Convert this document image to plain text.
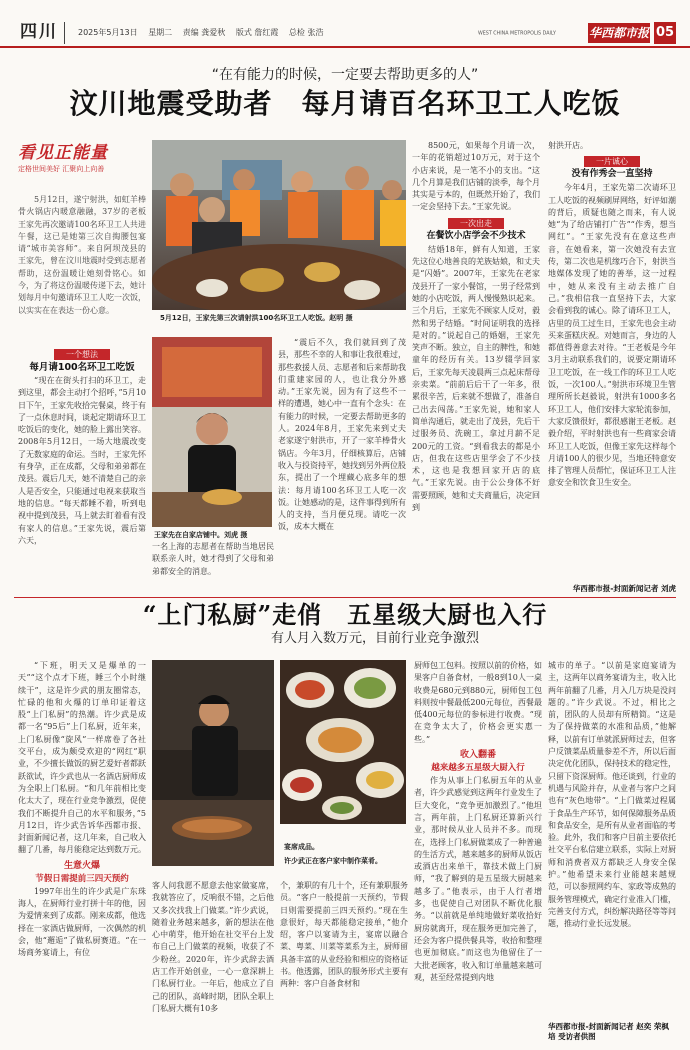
四川	2025年5月13日 星期二 责编 龚爱秋 版式 詹红霞 总检 张浩	WEST CHINA METROPOLIS DAILY	华西都市报 05
“在有能力的时候，一定要去帮助更多的人”
汶川地震受助者　每月请百名环卫工人吃饭
看见正能量
定格世间美好 汇聚向上向善

5月12日，遂宁射洪，如虹羊棒骨火锅店内暖意融融，37岁的老板王家先再次邀请100名环卫工人共进午餐，这已是她第三次自掏腰包宴请“城市美容师”。来自阿坝茂县的王家先，曾在汶川地震时受到志愿者帮助，这份温暖让她刻骨铭心。如今，为了将这份温暖传递下去，她计划每月中旬邀请环卫工人吃一次饭，以实实在在表达一份心意。

5月12日，王家先第三次请射洪100名环卫工人吃饭。赵明 摄
一个想法
每月请100名环卫工吃饭

“现在在街头打扫的环卫工，走到这里，都会主动打个招呼，”5月10日下午，王家先收拾完餐桌，终于有了一点休息时间，谈起定期请环卫工吃饭后的变化，她的脸上露出笑容。2008年5月12日，一场大地震改变了无数家庭的命运。当时，王家先怀有身孕，正在成都，父母和弟弟都在茂县。震后几天，她不清楚自己的亲人是否安全，只能通过电视来获取当地的信息。“每天都睡不着，听到电视中提到茂县，马上就去盯着看有没有家人的信息。”王家先说，震后第六天，

王家先在自家店铺中。刘虎 摄

一名上海的志愿者在帮助当地居民联系亲人时，她才得到了父母和弟弟都安全的消息。

“震后不久，我们就回到了茂县，那些不幸的人和事让我很难过，那些救援人员、志愿者和后来帮助我们重建家园的人，也让我分外感动。”王家先说，因为有了这些不一样的遭遇，她心中一直有个念头：在有能力的时候，一定要去帮助更多的人。2024年8月，王家先来到丈夫老家遂宁射洪市，开了一家羊棒骨火锅店。今年3月，仔细核算后，店铺收入与投资持平，她找到另外两位股东，提出了一个埋藏心底多年的想法：每月请100名环卫工人吃一次饭。让她感动的是，这件事得到所有人的支持，当月便兑现。请吃一次饭，成本大概在

8500元，如果每个月请一次，一年的花销超过10万元，对于这个小店来说，是一笔不小的支出。“这几个月算是我们店铺的淡季，每个月其实是亏本的，但既然开始了，我们一定会坚持下去。”王家先说。

一次出走
在餐饮小店学会不少技术

结婚18年，鲜有人知道，王家先这位心地善良的羌族姑娘，和丈夫是“闪婚”。2007年，王家先在老家茂县开了一家小餐馆，一男子经常到她的小店吃饭，两人慢慢熟识起来。三个月后，王家先不顾家人反对，毅然和男子结婚。“时间证明我的选择是对的。”说起自己的婚姻，王家先笑声不断。独立，自主的脾性，和她童年的经历有关。13岁辍学回家后，王家先每天凌晨两三点起床帮母亲卖菜。“前前后后干了一年多，很累很辛苦，后来就不想做了，准备自己出去闯荡。”王家先说，她和家人简单沟通后，就走出了茂县，先后干过服务员、洗碗工，拿过月薪不足200元的工资。“到看我去的都是小店，但我在这些店里学会了不少技术，这也是我想回家开店的底气。”王家先说。由于公公身体不好需要照顾，她和丈夫商量后，决定回到

射洪开店。

一片诚心
没有作秀会一直坚持

今年4月，王家先第二次请环卫工人吃饭的视频刷屏网络，好评如潮的背后，质疑也随之而来，有人说她“为了给店铺打广告”“作秀，想当网红”。“王家先没有在意这些声音，在她看来，第一次她没有去宣传，第二次也是机缘巧合下，射洪当地媒体发现了她的善举，这一过程中，她从来没有主动去推广自己。”我相信我一直坚持下去，大家会看到我的诚心。除了请环卫工人，店里的员工过生日，王家先也会主动买来蛋糕庆祝。对她而言，身边的人都值得善意去对待。“王老板是今年3月主动联系我们的，说要定期请环卫工吃饭，在一线工作的环卫工人吃饭，一次100人。”射洪市环境卫生管理所所长赵毅说，射洪有1000多名环卫工人，他们安排大家轮流参加，大家反馈很好，都很感谢王老板。赵毅介绍，平时射洪也有一些商家会请环卫工人吃饭，但像王家先这样每个月请100人的很少见，当地还特意安排了管理人员帮忙，保证环卫工人注意安全和饮食卫生安全。

华西都市报-封面新闻记者 刘虎
“上门私厨”走俏　五星级大厨也入行
有人月入数万元，目前行业竞争激烈
许少武正在客户家中制作菜肴。
宴席成品。

“下班，明天又是爆单的一天”“这个点才下班，睡三个小时继续干”，这是许少武的朋友圈常态，忙碌的他和火爆的订单印证着这股“上门私厨”的热潮。许少武是成都一名“95后”上门私厨，近年来，上门私厨像“旋风”一样席卷了各社交平台，成为颇受欢迎的“网红”职业，不少擅长做饭的厨艺爱好者都跃跃欲试，许少武也从一名酒店厨师成为全职上门私厨。“和几年前相比变化太大了，现在行业竞争激烈，促使我们不断提升自己的水平和服务，”5月12日，许少武告诉华西都市报、封面新闻记者，这几年来，自己收入翻了几番，每月能稳定达到数万元。

生意火爆
节假日需提前三四天预约

1997年出生的许少武是广东珠海人，在厨师行业打拼十年的他，因为爱情来到了成都。刚来成都，他选择在一家酒店做厨师，一次偶然的机会，他“邂逅”了做私厨赛道。“在一场商务宴请上，有位

客人问我愿不愿意去他家做宴席，我就答应了，反响很不错，之后他又多次找我上门做菜。”许少武说，随着业务越来越多，新的想法在他心中萌芽，他开始在社交平台上发布自己上门做菜的视频，收获了不少粉丝。2020年，许少武辞去酒店工作开始创业，一心一意深耕上门私厨行业。一年后，他成立了自己的团队，高峰时期，团队全职上门私厨大概有10多

个，兼职的有几十个，还有兼职服务员。“客户一般提前一天预约，节假日则需要提前三四天预约。”现在生意很好，每天都能稳定接单，”他介绍，客户以宴请为主，宴席以融合菜、粤菜、川菜等菜系为主，厨师留具备丰富的从业经验和相应的资格证书。他透露，团队的服务形式主要有两种：客户自备食材和

厨师包工包料。按照以前的价格，如果客户自备食材，一般8到10人一桌收费是680元到880元，厨师包工包料则按中餐最低200元每位，西餐最低400元每位的参标进行收费。“现在竞争太大了，价格会更实惠一些。”

收入翻番
越来越多五星级大厨入行

作为从事上门私厨五年的从业者，许少武感觉到这两年行业发生了巨大变化，“竞争更加激烈了。”他坦言，两年前，上门私厨还算新兴行业，那时候从业人员并不多。而现在，选择上门私厨做菜成了一种普遍的生活方式，越来越多的厨师从饭店或酒店出来单干，靠技术做上门厨师，“我了解到的是五星级大厨越来越多了。”他表示，由于人行者增多，也促使自己对团队不断优化服务。“以前就是单纯地做好菜收拾好厨房就离开，现在服务更加完善了，还会为客户提供餐具等，收拾和整理也更加彻底。”而这也为他留住了一大批老顾客，收入和订单量越来越可观，甚至经常提到内地

城市的单子。“以前是家庭宴请为主，这两年以商务宴请为主，收入比两年前翻了几番，月入几万块是没问题的。”许少武说。不过，相比之前，团队的人员却有所精简。“这是为了保持做菜的水准和品质，”他解释，以前有订单就派厨师过去，但客户反馈菜品质量参差不齐，所以后面决定优化团队，保持技术的稳定性，只留下资深厨师。他还谈到，行业的机遇与风险并存，从业者与客户之间也有“灰色地带”。“上门做菜过程属于食品生产环节，如何保障服务品质和食品安全，是所有从业者面临的考验。此外，我们和客户目前主要依托社交平台私信建立联系，实际上对厨师和消费者双方都缺乏人身安全保护。”他希望未来行业能越来越规范，可以参照网约车、家政等成熟的服务管理模式，确定行业准入门槛，完善支付方式，纠纷解决路径等等问题，推动行业长远发展。

华西都市报-封面新闻记者 赵奕 荣枫培 受访者供图
